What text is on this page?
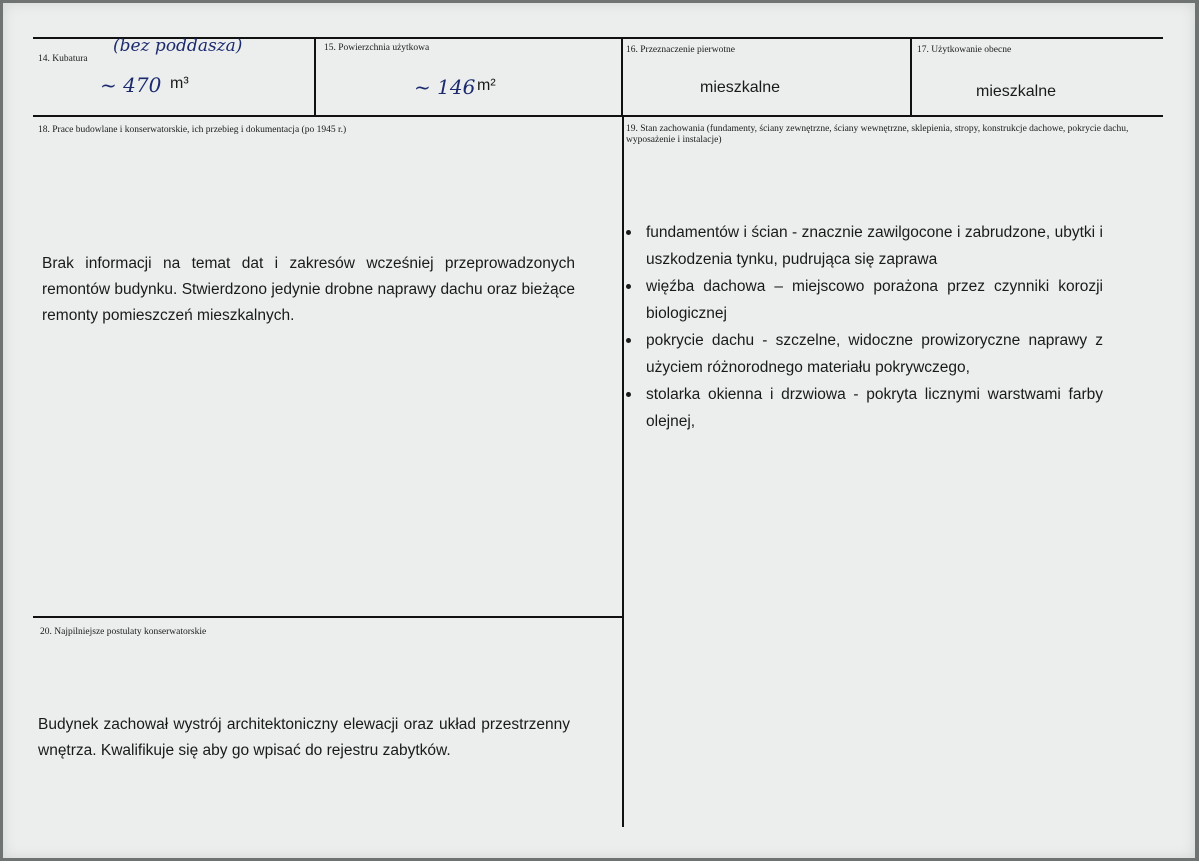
14. Kubatura
(bez poddasza)
~ 470 m³
15. Powierzchnia użytkowa
~ 146 m²
16. Przeznaczenie pierwotne
mieszkalne
17. Użytkowanie obecne
mieszkalne
18. Prace budowlane i konserwatorskie, ich przebieg i dokumentacja (po 1945 r.)
Brak informacji na temat dat i zakresów wcześniej przeprowadzonych remontów budynku. Stwierdzono jedynie drobne naprawy dachu oraz bieżące remonty pomieszczeń mieszkalnych.
19. Stan zachowania (fundamenty, ściany zewnętrzne, ściany wewnętrzne, sklepienia, stropy, konstrukcje dachowe, pokrycie dachu, wyposażenie i instalacje)
fundamentów i ścian - znacznie zawilgocone i zabrudzone, ubytki i uszkodzenia tynku, pudrująca się zaprawa
więźba dachowa – miejscowo porażona przez czynniki korozji biologicznej
pokrycie dachu - szczelne, widoczne prowizoryczne naprawy z użyciem różnorodnego materiału pokrywczego,
stolarka okienna i drzwiowa - pokryta licznymi warstwami farby olejnej,
20. Najpilniejsze postulaty konserwatorskie
Budynek zachował wystrój architektoniczny elewacji oraz układ przestrzenny wnętrza. Kwalifikuje się aby go wpisać do rejestru zabytków.
